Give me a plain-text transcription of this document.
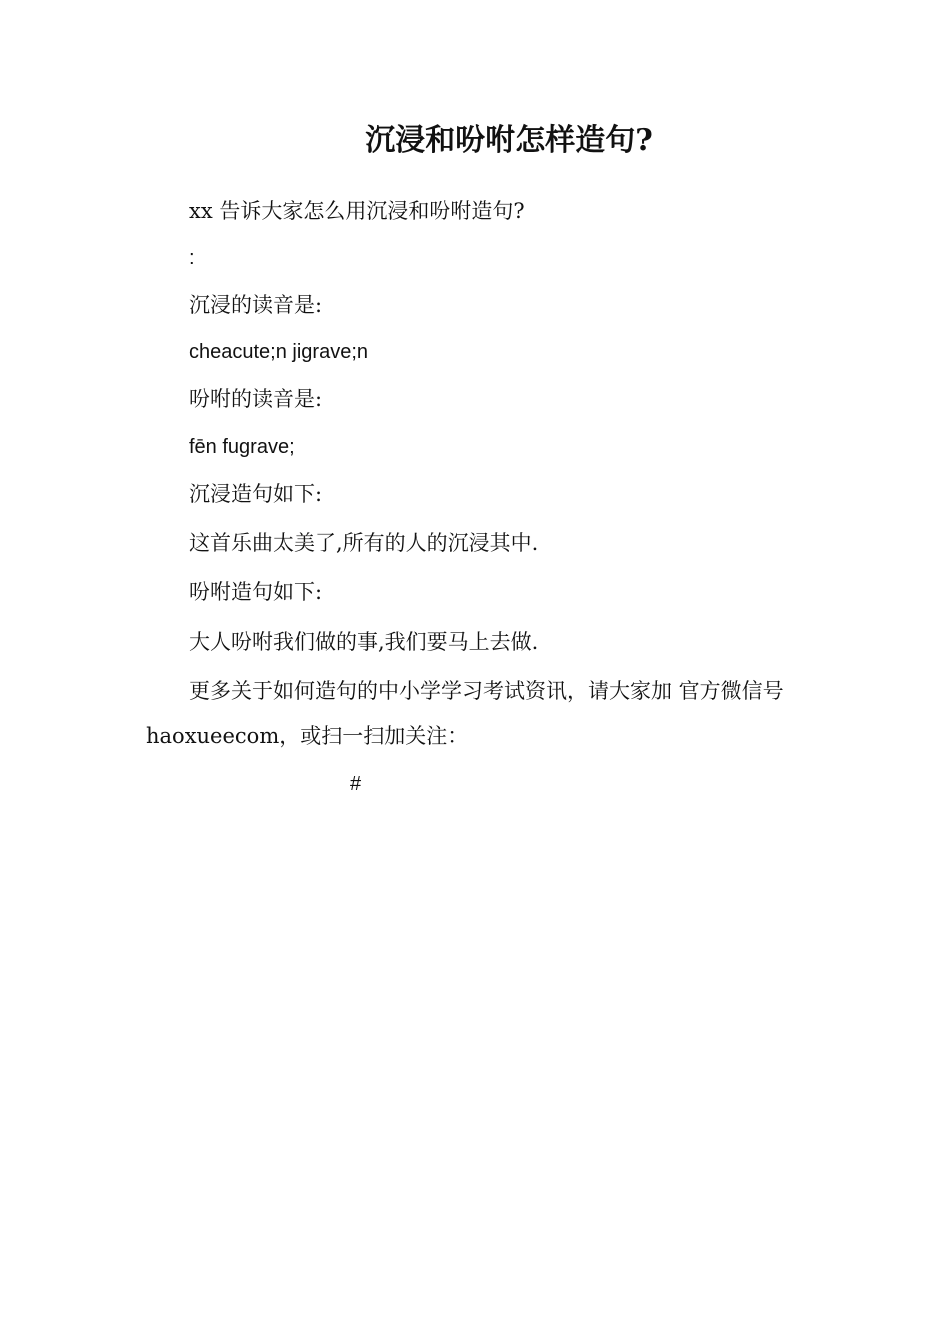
沉浸和吩咐怎样造句?
xx 告诉大家怎么用沉浸和吩咐造句?
:
沉浸的读音是:
cheacute;n jigrave;n
吩咐的读音是:
fēn fugrave;
沉浸造句如下:
这首乐曲太美了,所有的人的沉浸其中.
吩咐造句如下:
大人吩咐我们做的事,我们要马上去做.
更多关于如何造句的中小学学习考试资讯，请大家加 官方微信号 haoxueecom，或扫一扫加关注：
#
